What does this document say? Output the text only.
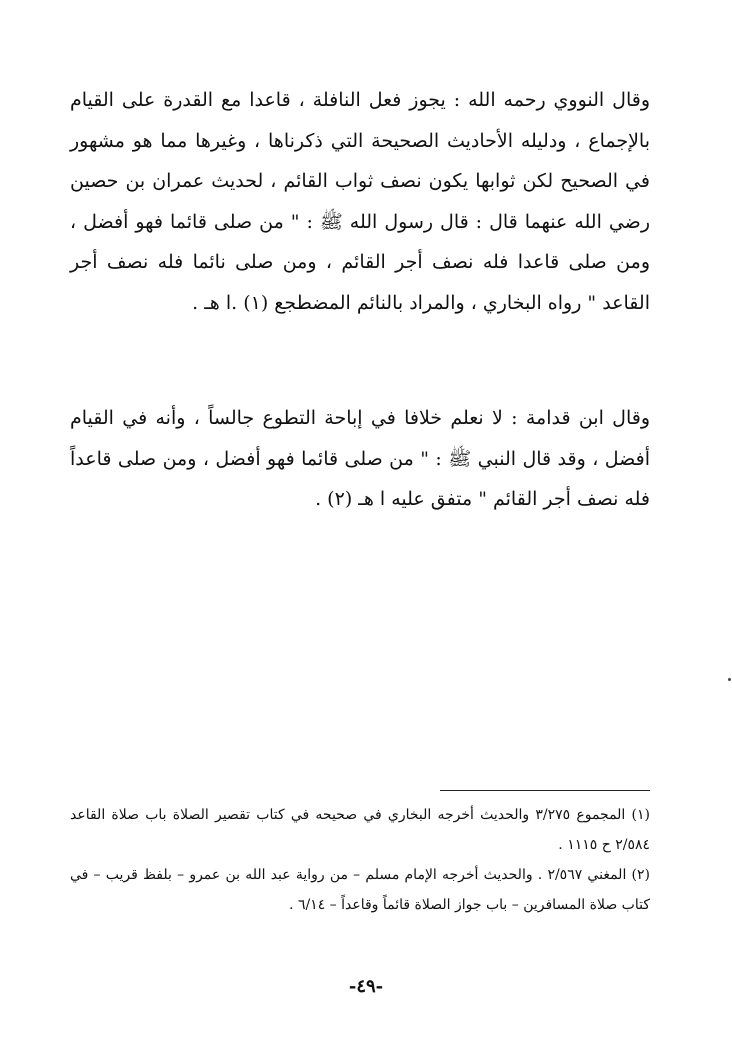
وقال النووي رحمه الله : يجوز فعل النافلة ، قاعدا مع القدرة على القيام بالإجماع ، ودليله الأحاديث الصحيحة التي ذكرناها ، وغيرها مما هو مشهور في الصحيح لكن ثوابها يكون نصف ثواب القائم ، لحديث عمران بن حصين رضي الله عنهما قال : قال رسول الله ﷺ : " من صلى قائما فهو أفضل ، ومن صلى قاعدا فله نصف أجر القائم ، ومن صلى نائما فله نصف أجر القاعد " رواه البخاري ، والمراد بالنائم المضطجع (١) .ا هـ .

وقال ابن قدامة : لا نعلم خلافا في إباحة التطوع جالساً ، وأنه في القيام أفضل ، وقد قال النبي ﷺ : " من صلى قائما فهو أفضل ، ومن صلى قاعداً فله نصف أجر القائم " متفق عليه ا هـ (٢) .

(١) المجموع ٣/٢٧٥ والحديث أخرجه البخاري في صحيحه في كتاب تقصير الصلاة باب صلاة القاعد ٢/٥٨٤ ح ١١١٥ .

(٢) المغني ٢/٥٦٧ . والحديث أخرجه الإمام مسلم – من رواية عبد الله بن عمرو – بلفظ قريب – في كتاب صلاة المسافرين – باب جواز الصلاة قائماً وقاعداً – ٦/١٤ .

-٤٩-
